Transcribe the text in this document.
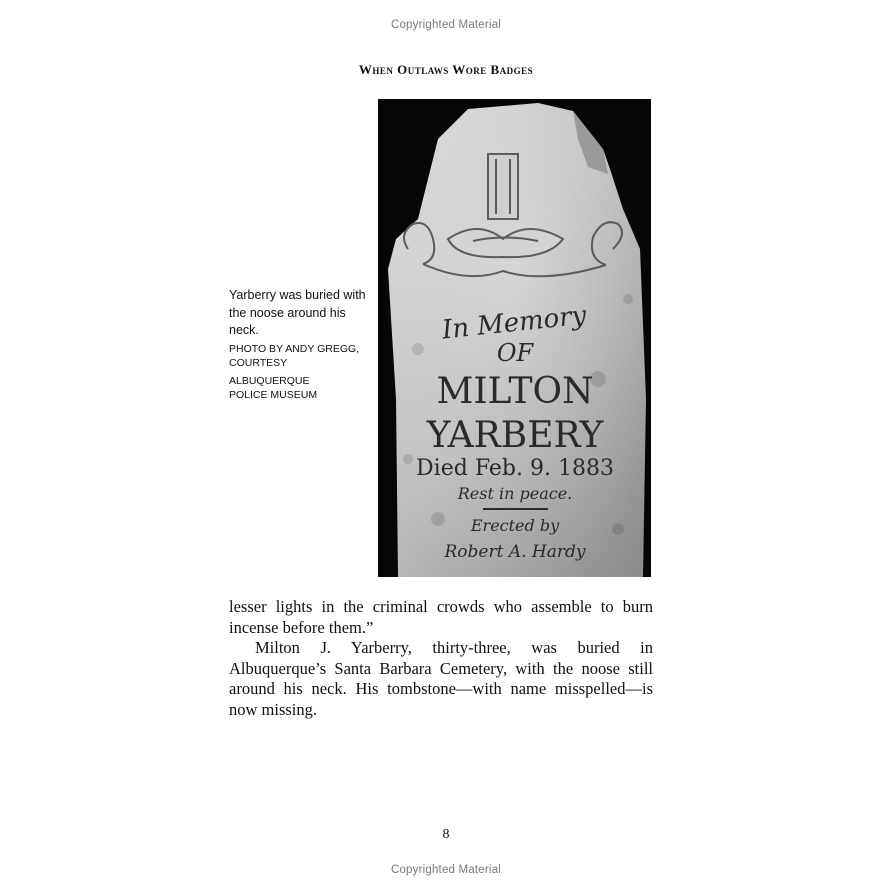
Copyrighted Material
When Outlaws Wore Badges
Yarberry was buried with the noose around his neck.
PHOTO BY ANDY GREGG,
COURTESY ALBUQUERQUE
POLICE MUSEUM
In Memory
OF
MILTON
YARBERY
Died Feb. 9. 1883
Rest in peace.
Erected by
Robert A. Hardy

lesser lights in the criminal crowds who assemble to burn incense before them.”

Milton J. Yarberry, thirty-three, was buried in Albuquerque’s Santa Barbara Cemetery, with the noose still around his neck. His tombstone—with name misspelled—is now missing.

8
Copyrighted Material
